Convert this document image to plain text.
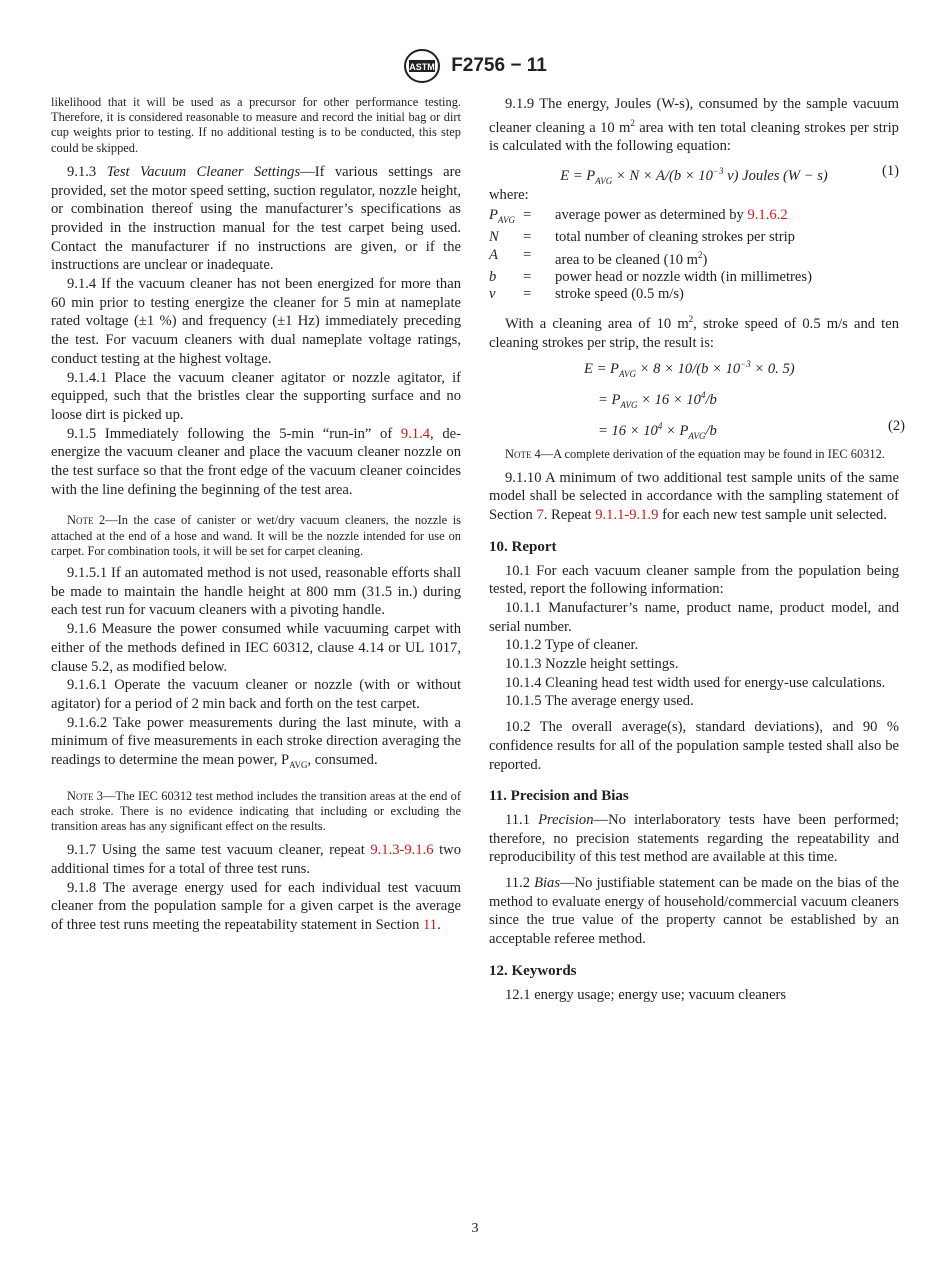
ASTM F2756 − 11

likelihood that it will be used as a precursor for other performance testing. Therefore, it is considered reasonable to measure and record the initial bag or dirt cup weights prior to testing. If no additional testing is to be conducted, this step could be skipped.

9.1.3 Test Vacuum Cleaner Settings—If various settings are provided, set the motor speed setting, suction regulator, nozzle height, or combination thereof using the manufacturer’s specifications as provided in the instruction manual for the test carpet being used. Contact the manufacturer if no instructions are given, or if the instructions are unclear or inadequate.

9.1.4 If the vacuum cleaner has not been energized for more than 60 min prior to testing energize the cleaner for 5 min at nameplate rated voltage (±1 %) and frequency (±1 Hz) immediately preceding the test. For vacuum cleaners with dual nameplate voltage ratings, conduct testing at the highest voltage.

9.1.4.1 Place the vacuum cleaner agitator or nozzle agitator, if equipped, such that the bristles clear the supporting surface and no loose dirt is picked up.

9.1.5 Immediately following the 5-min “run-in” of 9.1.4, de-energize the vacuum cleaner and place the vacuum cleaner nozzle on the test surface so that the front edge of the vacuum cleaner coincides with the line defining the beginning of the test area.

Note 2—In the case of canister or wet/dry vacuum cleaners, the nozzle is attached at the end of a hose and wand. It will be the nozzle intended for use on carpet. For combination tools, it will be set for carpet cleaning.

9.1.5.1 If an automated method is not used, reasonable efforts shall be made to maintain the handle height at 800 mm (31.5 in.) during each test run for vacuum cleaners with a pivoting handle.

9.1.6 Measure the power consumed while vacuuming carpet with either of the methods defined in IEC 60312, clause 4.14 or UL 1017, clause 5.2, as modified below.

9.1.6.1 Operate the vacuum cleaner or nozzle (with or without agitator) for a period of 2 min back and forth on the test carpet.

9.1.6.2 Take power measurements during the last minute, with a minimum of five measurements in each stroke direction averaging the readings to determine the mean power, $P_{AVG}$, consumed.

Note 3—The IEC 60312 test method includes the transition areas at the end of each stroke. There is no evidence indicating that including or excluding the transition areas has any significant effect on the results.

9.1.7 Using the same test vacuum cleaner, repeat 9.1.3-9.1.6 two additional times for a total of three test runs.

9.1.8 The average energy used for each individual test vacuum cleaner from the population sample for a given carpet is the average of three test runs meeting the repeatability statement in Section 11.

9.1.9 The energy, Joules (W-s), consumed by the sample vacuum cleaner cleaning a 10 $m^2$ area with ten total cleaning strokes per strip is calculated with the following equation:

$E = P_{AVG} \times N \times A/(b \times 10^{-3}$ v) Joules (W − s)	(1)

where:

$P_{AVG}$	=	average power as determined by 9.1.6.2
N	=	total number of cleaning strokes per strip
A	=	area to be cleaned (10 $m^2$)
b	=	power head or nozzle width (in millimetres)
v	=	stroke speed (0.5 m/s)

With a cleaning area of 10 $m^2$, stroke speed of 0.5 m/s and ten cleaning strokes per strip, the result is:

$E = P_{AVG} \times 8 \times 10/(b \times 10^{-3} \times 0$. 5)
= $P_{AVG} \times 16 \times 10^4/b$
= $16 \times 10^4 \times P_{AVG}/b$	(2)

Note 4—A complete derivation of the equation may be found in IEC 60312.

9.1.10 A minimum of two additional test sample units of the same model shall be selected in accordance with the sampling statement of Section 7. Repeat 9.1.1-9.1.9 for each new test sample unit selected.

10. Report

10.1 For each vacuum cleaner sample from the population being tested, report the following information:

10.1.1 Manufacturer’s name, product name, product model, and serial number.

10.1.2 Type of cleaner.

10.1.3 Nozzle height settings.

10.1.4 Cleaning head test width used for energy-use calculations.

10.1.5 The average energy used.

10.2 The overall average(s), standard deviations), and 90 % confidence results for all of the population sample tested shall also be reported.

11. Precision and Bias

11.1 Precision—No interlaboratory tests have been performed; therefore, no precision statements regarding the repeatability and reproducibility of this test method are available at this time.

11.2 Bias—No justifiable statement can be made on the bias of the method to evaluate energy of household/commercial vacuum cleaners since the true value of the property cannot be established by an acceptable referee method.

12. Keywords

12.1 energy usage; energy use; vacuum cleaners

3
